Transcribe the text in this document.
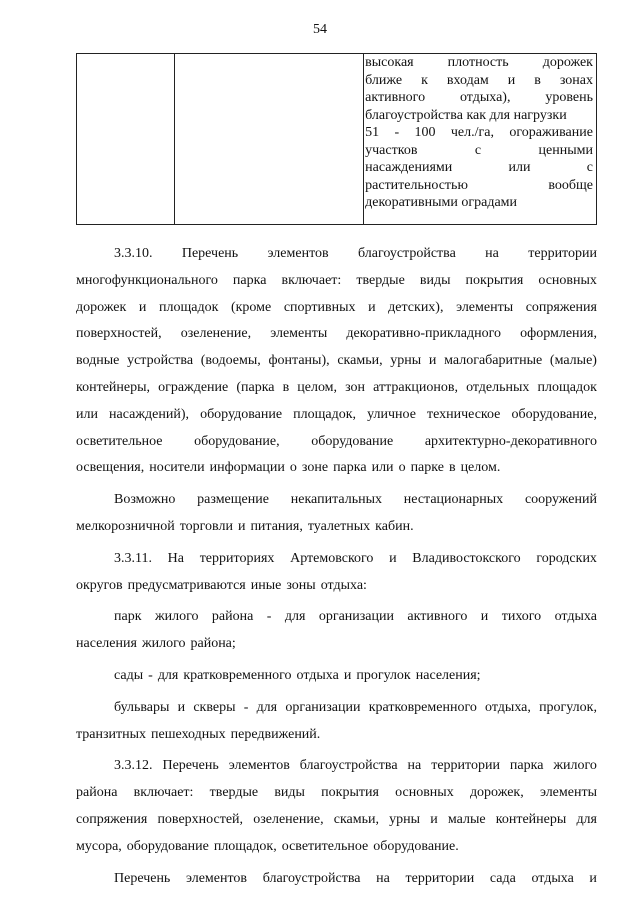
54

высокая плотность дорожек
ближе к входам и в зонах
активного отдыха), уровень
благоустройства как для нагрузки
51 - 100 чел./га, огораживание
участков	с	ценными
насаждениями	или	с
растительностью	вообще
декоративными оградами
3.3.10. Перечень элементов благоустройства на территории
многофункционального парка включает: твердые виды покрытия основных
дорожек и площадок (кроме спортивных и детских), элементы сопряжения
поверхностей, озеленение, элементы декоративно-прикладного оформления,
водные устройства (водоемы, фонтаны), скамьи, урны и малогабаритные (малые)
контейнеры, ограждение (парка в целом, зон аттракционов, отдельных площадок
или насаждений), оборудование площадок, уличное техническое оборудование,
осветительное оборудование, оборудование архитектурно-декоративного
освещения, носители информации о зоне парка или о парке в целом.
Возможно размещение некапитальных нестационарных сооружений
мелкорозничной торговли и питания, туалетных кабин.
3.3.11. На территориях Артемовского и Владивостокского городских
округов предусматриваются иные зоны отдыха:
парк жилого района - для организации активного и тихого отдыха
населения жилого района;
сады - для кратковременного отдыха и прогулок населения;
бульвары и скверы - для организации кратковременного отдыха, прогулок,
транзитных пешеходных передвижений.
3.3.12. Перечень элементов благоустройства на территории парка жилого
района включает: твердые виды покрытия основных дорожек, элементы
сопряжения поверхностей, озеленение, скамьи, урны и малые контейнеры для
мусора, оборудование площадок, осветительное оборудование.
Перечень элементов благоустройства на территории сада отдыха и
